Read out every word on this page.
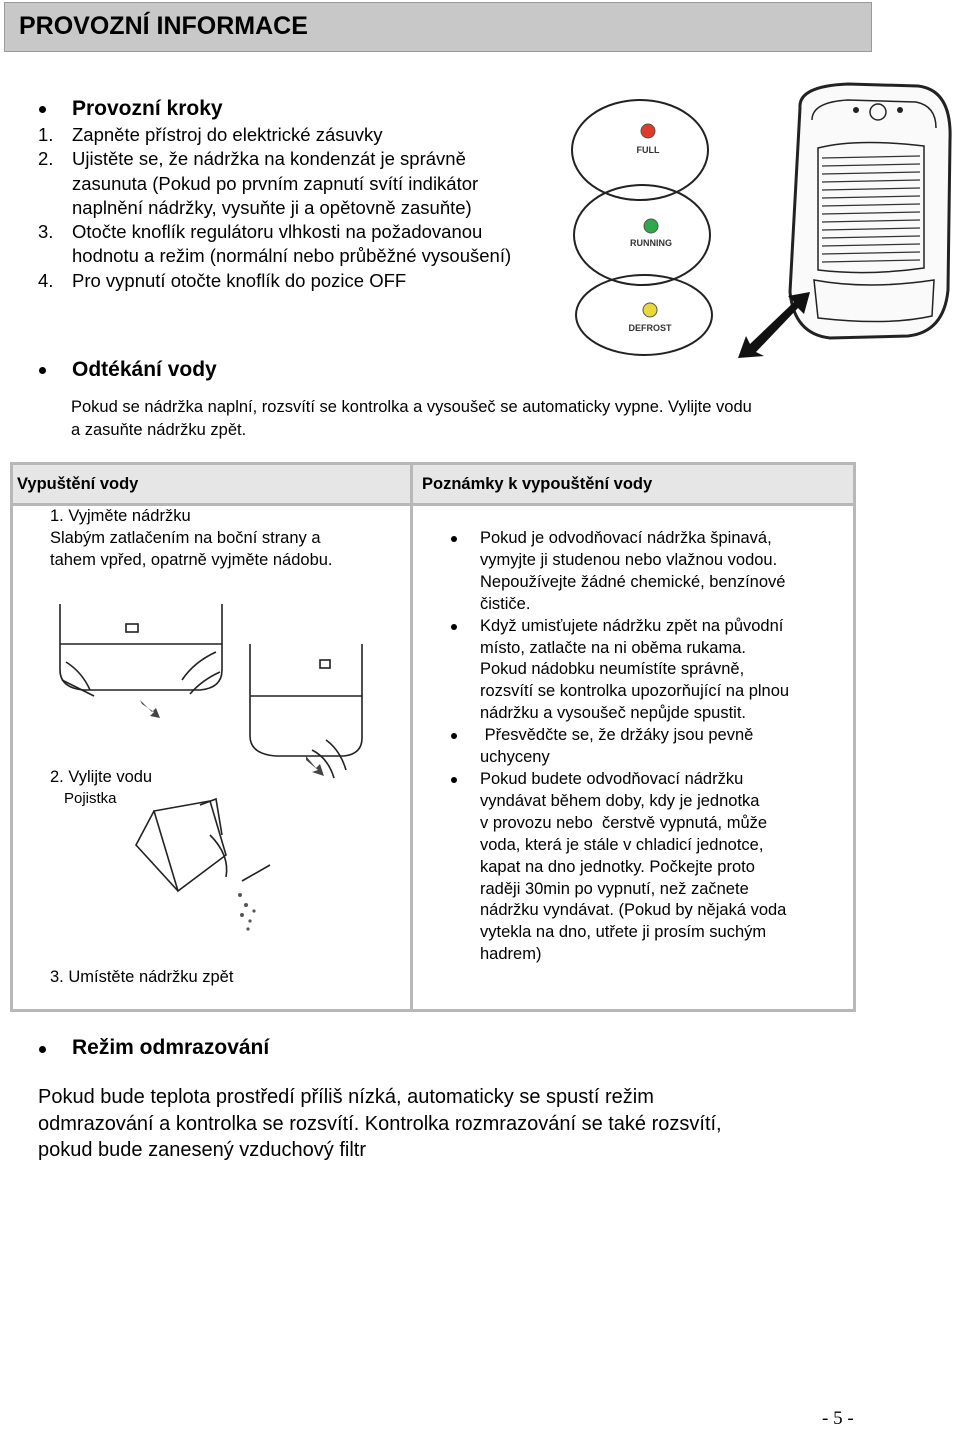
PROVOZNÍ INFORMACE
Provozní kroky
1. Zapněte přístroj do elektrické zásuvky
2. Ujistěte se, že nádržka na kondenzát je správně
zasunuta (Pokud po prvním zapnutí svítí indikátor
naplnění nádržky, vysuňte ji a opětovně zasuňte)
3. Otočte knoflík regulátoru vlhkosti na požadovanou
hodnotu a režim (normální nebo průběžné vysoušení)
4. Pro vypnutí otočte knoflík do pozice OFF
FULL
RUNNING
DEFROST
Odtékání vody
Pokud se nádržka naplní, rozsvítí se kontrolka a vysoušeč se automaticky vypne. Vylijte vodu
a zasuňte nádržku zpět.
Vypuštění vody	Poznámky k vypouštění vody
1. Vyjměte nádržku
Slabým zatlačením na boční strany a
tahem vpřed, opatrně vyjměte nádobu.
2. Vylijte vodu
Pojistka
3. Umístěte nádržku zpět
Pokud je odvodňovací nádržka špinavá,
vymyjte ji studenou nebo vlažnou vodou.
Nepoužívejte žádné chemické, benzínové
čističe.
Když umisťujete nádržku zpět na původní
místo, zatlačte na ni oběma rukama.
Pokud nádobku neumístíte správně,
rozsvítí se kontrolka upozorňující na plnou
nádržku a vysoušeč nepůjde spustit.
Přesvědčte se, že držáky jsou pevně
uchyceny
Pokud budete odvodňovací nádržku
vyndávat během doby, kdy je jednotka
v provozu nebo  čerstvě vypnutá, může
voda, která je stále v chladicí jednotce,
kapat na dno jednotky. Počkejte proto
raději 30min po vypnutí, než začnete
nádržku vyndávat. (Pokud by nějaká voda
vytekla na dno, utřete ji prosím suchým
hadrem)
Režim odmrazování
Pokud bude teplota prostředí příliš nízká, automaticky se spustí režim
odmrazování a kontrolka se rozsvítí. Kontrolka rozmrazování se také rozsvítí,
pokud bude zanesený vzduchový filtr
- 5 -
